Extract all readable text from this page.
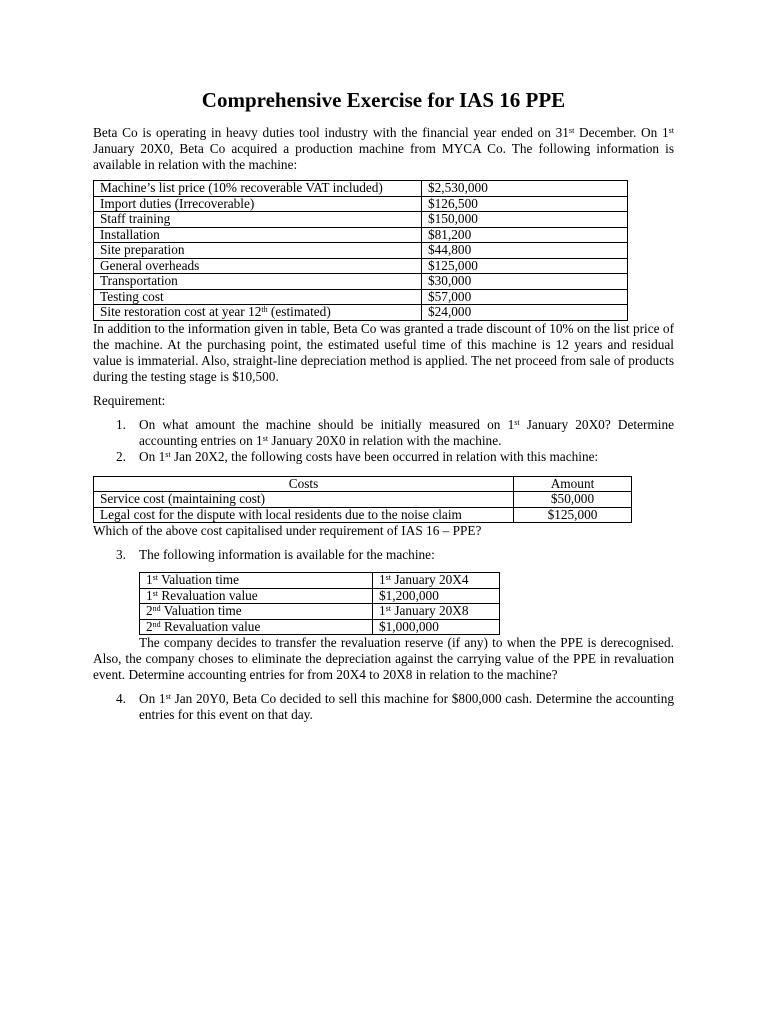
Comprehensive Exercise for IAS 16 PPE

Beta Co is operating in heavy duties tool industry with the financial year ended on 31st December. On 1st January 20X0, Beta Co acquired a production machine from MYCA Co. The following information is available in relation with the machine:

Machine’s list price (10% recoverable VAT included)	$2,530,000
Import duties (Irrecoverable)	$126,500
Staff training	$150,000
Installation	$81,200
Site preparation	$44,800
General overheads	$125,000
Transportation	$30,000
Testing cost	$57,000
Site restoration cost at year 12th (estimated)	$24,000

In addition to the information given in table, Beta Co was granted a trade discount of 10% on the list price of the machine. At the purchasing point, the estimated useful time of this machine is 12 years and residual value is immaterial. Also, straight-line depreciation method is applied. The net proceed from sale of products during the testing stage is $10,500.

Requirement:

1. On what amount the machine should be initially measured on 1st January 20X0? Determine accounting entries on 1st January 20X0 in relation with the machine.
2. On 1st Jan 20X2, the following costs have been occurred in relation with this machine:
Costs	Amount
Service cost (maintaining cost)	$50,000
Legal cost for the dispute with local residents due to the noise claim	$125,000

Which of the above cost capitalised under requirement of IAS 16 – PPE?

3. The following information is available for the machine:
1st Valuation time	1st January 20X4
1st Revaluation value	$1,200,000
2nd Valuation time	1st January 20X8
2nd Revaluation value	$1,000,000

The company decides to transfer the revaluation reserve (if any) to when the PPE is derecognised. Also, the company choses to eliminate the depreciation against the carrying value of the PPE in revaluation event. Determine accounting entries for from 20X4 to 20X8 in relation to the machine?

4. On 1st Jan 20Y0, Beta Co decided to sell this machine for $800,000 cash. Determine the accounting entries for this event on that day.
